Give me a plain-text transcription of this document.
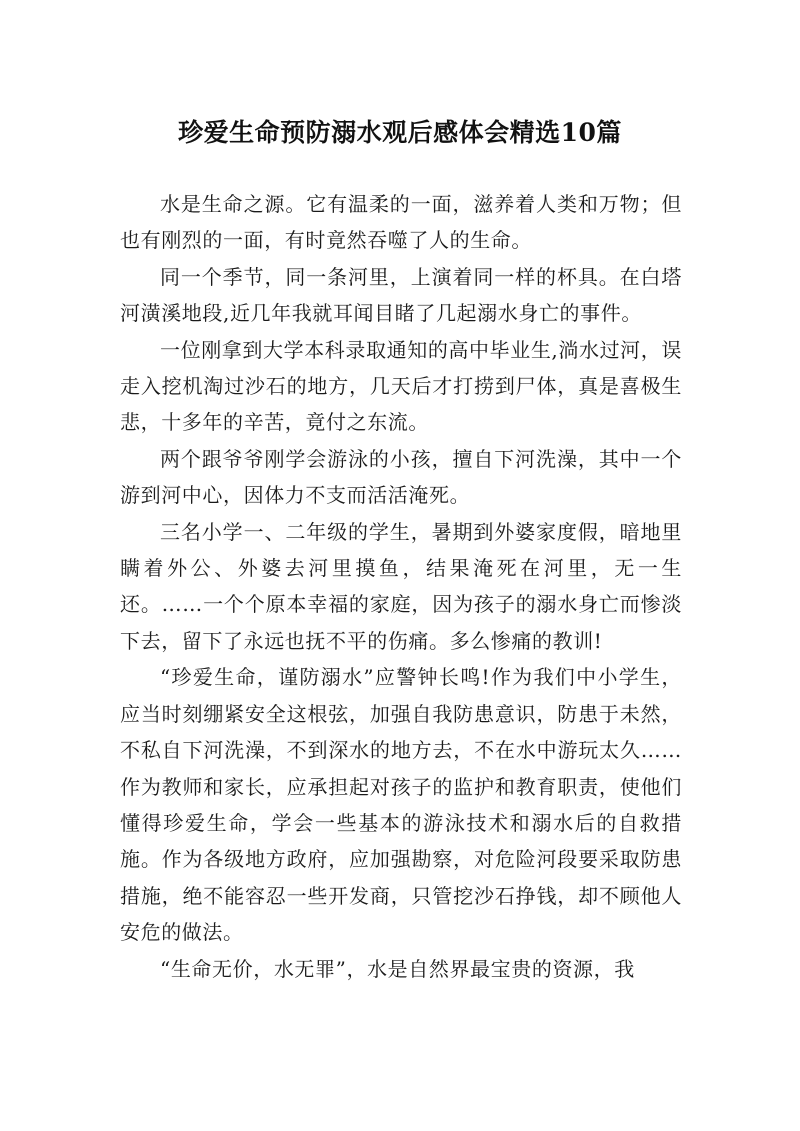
珍爱生命预防溺水观后感体会精选10篇

水是生命之源。它有温柔的一面，滋养着人类和万物；但也有刚烈的一面，有时竟然吞噬了人的生命。

同一个季节，同一条河里，上演着同一样的杯具。在白塔河潢溪地段,近几年我就耳闻目睹了几起溺水身亡的事件。

一位刚拿到大学本科录取通知的高中毕业生,淌水过河，误走入挖机淘过沙石的地方，几天后才打捞到尸体，真是喜极生悲，十多年的辛苦，竟付之东流。

两个跟爷爷刚学会游泳的小孩，擅自下河洗澡，其中一个游到河中心，因体力不支而活活淹死。

三名小学一、二年级的学生，暑期到外婆家度假，暗地里瞒着外公、外婆去河里摸鱼，结果淹死在河里，无一生还。……一个个原本幸福的家庭，因为孩子的溺水身亡而惨淡下去，留下了永远也抚不平的伤痛。多么惨痛的教训!

“珍爱生命，谨防溺水”应警钟长鸣!作为我们中小学生，应当时刻绷紧安全这根弦，加强自我防患意识，防患于未然，不私自下河洗澡，不到深水的地方去，不在水中游玩太久……作为教师和家长，应承担起对孩子的监护和教育职责，使他们懂得珍爱生命，学会一些基本的游泳技术和溺水后的自救措施。作为各级地方政府，应加强勘察，对危险河段要采取防患措施，绝不能容忍一些开发商，只管挖沙石挣钱，却不顾他人安危的做法。

“生命无价，水无罪”，水是自然界最宝贵的资源，我
